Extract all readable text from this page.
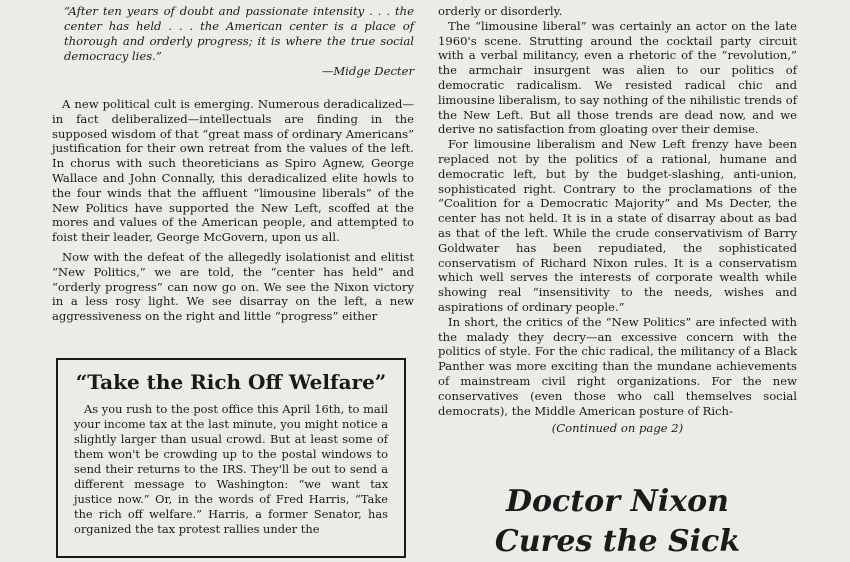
“After ten years of doubt and passionate intensity . . . the center has held . . . the American center is a place of thorough and orderly progress; it is where the true social democracy lies.”

—Midge Decter

A new political cult is emerging. Numerous deradicalized—in fact deliberalized—intellectuals are finding in the supposed wisdom of that “great mass of ordinary Americans” justification for their own retreat from the values of the left. In chorus with such theoreticians as Spiro Agnew, George Wallace and John Connally, this deradicalized elite howls to the four winds that the affluent “limousine liberals” of the New Politics have supported the New Left, scoffed at the mores and values of the American people, and attempted to foist their leader, George McGovern, upon us all.

Now with the defeat of the allegedly isolationist and elitist “New Politics,” we are told, the “center has held” and “orderly progress” can now go on. We see the Nixon victory in a less rosy light. We see disarray on the left, a new aggressiveness on the right and little “progress” either

“Take the Rich Off Welfare”

As you rush to the post office this April 16th, to mail your income tax at the last minute, you might notice a slightly larger than usual crowd. But at least some of them won't be crowding up to the postal windows to send their returns to the IRS. They'll be out to send a different message to Washington: “we want tax justice now.” Or, in the words of Fred Harris, “Take the rich off welfare.” Harris, a former Senator, has organized the tax protest rallies under the

orderly or disorderly.

The “limousine liberal” was certainly an actor on the late 1960's scene. Strutting around the cocktail party circuit with a verbal militancy, even a rhetoric of the “revolution,” the armchair insurgent was alien to our politics of democratic radicalism. We resisted radical chic and limousine liberalism, to say nothing of the nihilistic trends of the New Left. But all those trends are dead now, and we derive no satisfaction from gloating over their demise.

For limousine liberalism and New Left frenzy have been replaced not by the politics of a rational, humane and democratic left, but by the budget-slashing, anti-union, sophisticated right. Contrary to the proclamations of the “Coalition for a Democratic Majority” and Ms Decter, the center has not held. It is in a state of disarray about as bad as that of the left. While the crude conservativism of Barry Goldwater has been repudiated, the sophisticated conservatism of Richard Nixon rules. It is a conservatism which well serves the interests of corporate wealth while showing real “insensitivity to the needs, wishes and aspirations of ordinary people.”

In short, the critics of the “New Politics” are infected with the malady they decry—an excessive concern with the politics of style. For the chic radical, the militancy of a Black Panther was more exciting than the mundane achievements of mainstream civil right organizations. For the new conservatives (even those who call themselves social democrats), the Middle American posture of Rich-

(Continued on page 2)

Doctor Nixon
Cures the Sick
